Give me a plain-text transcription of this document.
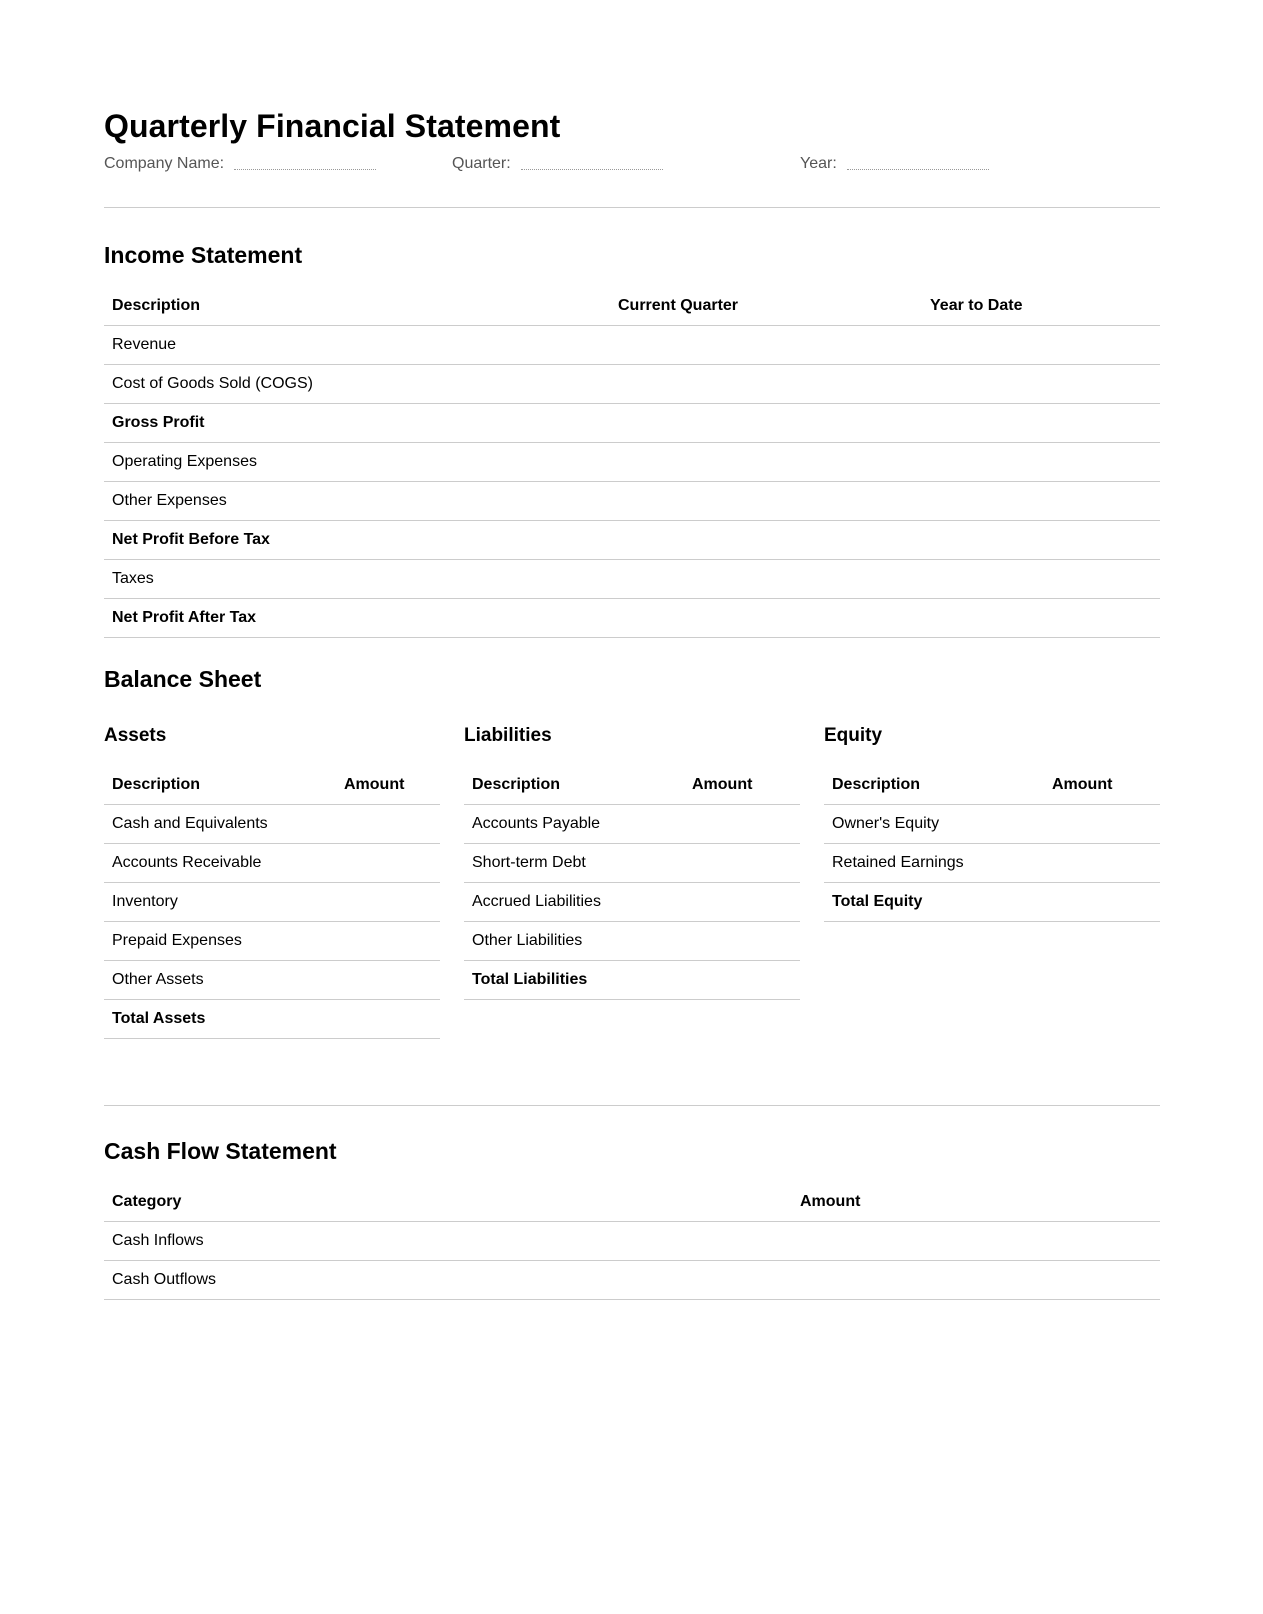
Quarterly Financial Statement
Company Name:	Quarter:	Year:
Income Statement
Description	Current Quarter	Year to Date
Revenue		
Cost of Goods Sold (COGS)		
Gross Profit		
Operating Expenses		
Other Expenses		
Net Profit Before Tax		
Taxes		
Net Profit After Tax		
Balance Sheet
Assets
Description	Amount
Cash and Equivalents	
Accounts Receivable	
Inventory	
Prepaid Expenses	
Other Assets	
Total Assets	
Liabilities
Description	Amount
Accounts Payable	
Short-term Debt	
Accrued Liabilities	
Other Liabilities	
Total Liabilities	
Equity
Description	Amount
Owner's Equity	
Retained Earnings	
Total Equity	
Cash Flow Statement
Category	Amount
Cash Inflows	
Cash Outflows	
